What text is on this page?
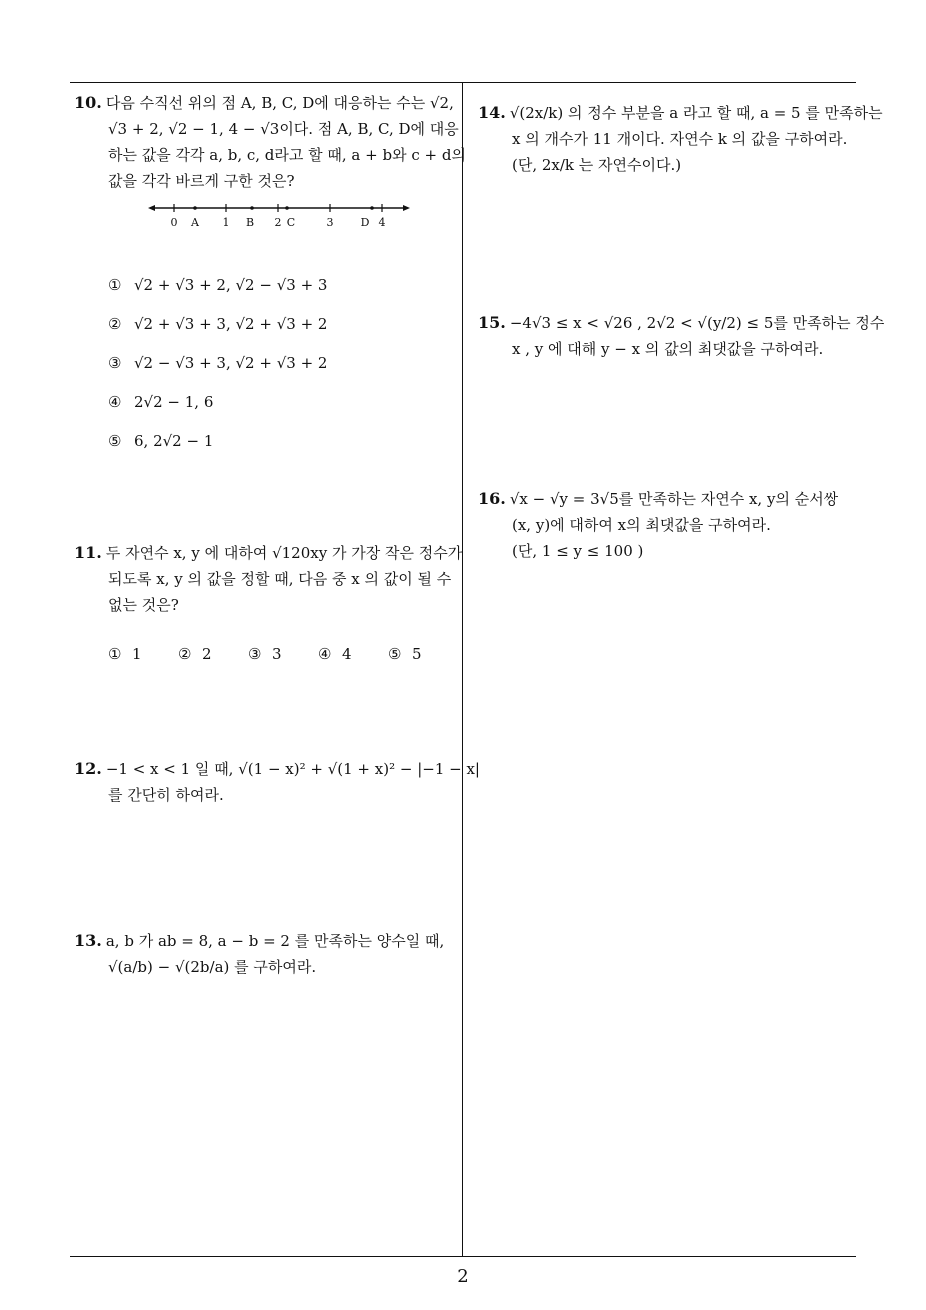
10. 다음 수직선 위의 점 A, B, C, D에 대응하는 수는 √2,
√3 + 2, √2 − 1, 4 − √3이다. 점 A, B, C, D에 대응
하는 값을 각각 a, b, c, d라고 할 때, a + b와 c + d의
값을 각각 바르게 구한 것은?
0 A 1 B 2 C	3 D 4
① √2 + √3 + 2, √2 − √3 + 3
② √2 + √3 + 3, √2 + √3 + 2
③ √2 − √3 + 3, √2 + √3 + 2
④ 2√2 − 1, 6
⑤ 6, 2√2 − 1
11. 두 자연수 x, y 에 대하여 √120xy 가 가장 작은 정수가
되도록 x, y 의 값을 정할 때, 다음 중 x 의 값이 될 수
없는 것은?
① 1 ② 2 ③ 3 ④ 4 ⑤ 5
12. −1 < x < 1 일 때, √(1 − x)² + √(1 + x)² − |−1 − x|
를 간단히 하여라.
13. a, b 가 ab = 8, a − b = 2 를 만족하는 양수일 때,
√(a/b) − √(2b/a) 를 구하여라.
14. √(2x/k) 의 정수 부분을 a 라고 할 때, a = 5 를 만족하는
x 의 개수가 11 개이다. 자연수 k 의 값을 구하여라.
(단, 2x/k 는 자연수이다.)
15. −4√3 ≤ x < √26 , 2√2 < √(y/2) ≤ 5를 만족하는 정수
x , y 에 대해 y − x 의 값의 최댓값을 구하여라.
16. √x − √y = 3√5를 만족하는 자연수 x, y의 순서쌍
(x, y)에 대하여 x의 최댓값을 구하여라.
(단, 1 ≤ y ≤ 100 )
2
